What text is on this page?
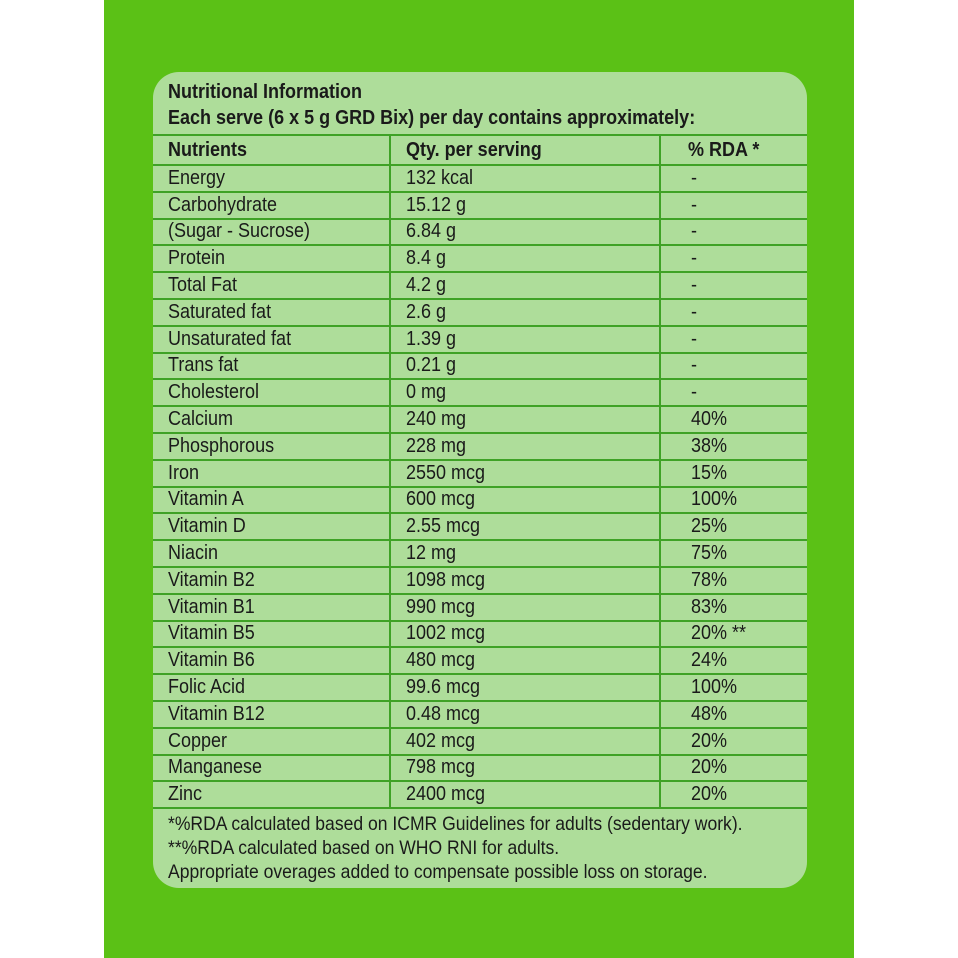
Nutritional Information
Each serve (6 x 5 g GRD Bix) per day contains approximately:
Nutrients	Qty. per serving	% RDA *
Energy	132 kcal	-
Carbohydrate	15.12 g	-
(Sugar - Sucrose)	6.84 g	-
Protein	8.4 g	-
Total Fat	4.2 g	-
Saturated fat	2.6 g	-
Unsaturated fat	1.39 g	-
Trans fat	0.21 g	-
Cholesterol	0 mg	-
Calcium	240 mg	40%
Phosphorous	228 mg	38%
Iron	2550 mcg	15%
Vitamin A	600 mcg	100%
Vitamin D	2.55 mcg	25%
Niacin	12 mg	75%
Vitamin B2	1098 mcg	78%
Vitamin B1	990 mcg	83%
Vitamin B5	1002 mcg	20% **
Vitamin B6	480 mcg	24%
Folic Acid	99.6 mcg	100%
Vitamin B12	0.48 mcg	48%
Copper	402 mcg	20%
Manganese	798 mcg	20%
Zinc	2400 mcg	20%
*%RDA calculated based on ICMR Guidelines for adults (sedentary work).
**%RDA calculated based on WHO RNI for adults.
Appropriate overages added to compensate possible loss on storage.
